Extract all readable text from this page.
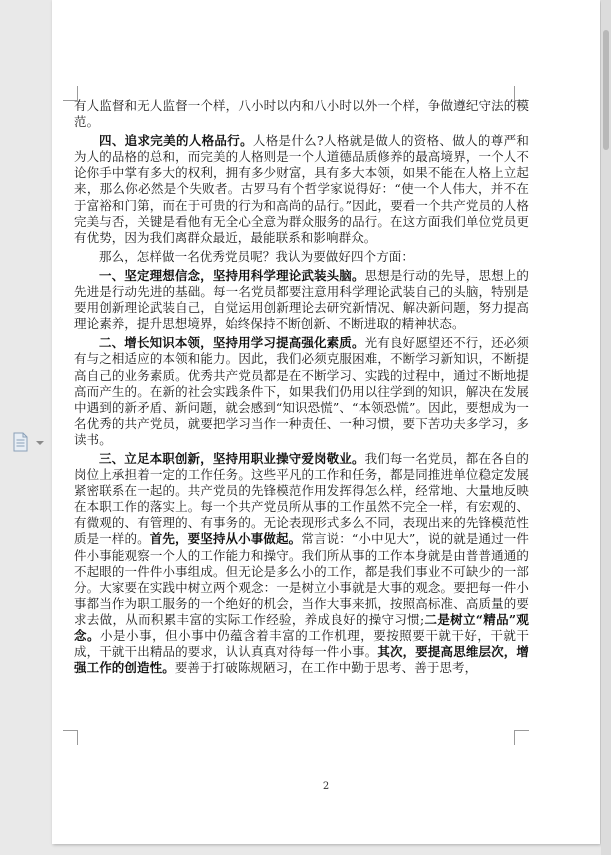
有人监督和无人监督一个样，八小时以内和八小时以外一个样，争做遵纪守法的模范。

四、追求完美的人格品行。人格是什么?人格就是做人的资格、做人的尊严和为人的品格的总和，而完美的人格则是一个人道德品质修养的最高境界，一个人不论你手中掌有多大的权利，拥有多少财富，具有多大本领，如果不能在人格上立起来，那么你必然是个失败者。古罗马有个哲学家说得好：“使一个人伟大，并不在于富裕和门第，而在于可贵的行为和高尚的品行。”因此，要看一个共产党员的人格完美与否，关键是看他有无全心全意为群众服务的品行。在这方面我们单位党员更有优势，因为我们离群众最近，最能联系和影响群众。

那么，怎样做一名优秀党员呢？我认为要做好四个方面：

一、坚定理想信念，坚持用科学理论武装头脑。思想是行动的先导，思想上的先进是行动先进的基础。每一名党员都要注意用科学理论武装自己的头脑，特别是要用创新理论武装自己，自觉运用创新理论去研究新情况、解决新问题，努力提高理论素养，提升思想境界，始终保持不断创新、不断进取的精神状态。

二、增长知识本领，坚持用学习提高强化素质。光有良好愿望还不行，还必须有与之相适应的本领和能力。因此，我们必须克服困难，不断学习新知识，不断提高自己的业务素质。优秀共产党员都是在不断学习、实践的过程中，通过不断地提高而产生的。在新的社会实践条件下，如果我们仍用以往学到的知识，解决在发展中遇到的新矛盾、新问题，就会感到“知识恐慌”、“本领恐慌”。因此，要想成为一名优秀的共产党员，就要把学习当作一种责任、一种习惯，要下苦功夫多学习，多读书。

三、立足本职创新，坚持用职业操守爱岗敬业。我们每一名党员，都在各自的岗位上承担着一定的工作任务。这些平凡的工作和任务，都是同推进单位稳定发展紧密联系在一起的。共产党员的先锋模范作用发挥得怎么样，经常地、大量地反映在本职工作的落实上。每一个共产党员所从事的工作虽然不完全一样，有宏观的、有微观的、有管理的、有事务的。无论表现形式多么不同，表现出来的先锋模范性质是一样的。首先，要坚持从小事做起。常言说：“小中见大”，说的就是通过一件件小事能观察一个人的工作能力和操守。我们所从事的工作本身就是由普普通通的不起眼的一件件小事组成。但无论是多么小的工作，都是我们事业不可缺少的一部分。大家要在实践中树立两个观念：一是树立小事就是大事的观念。要把每一件小事都当作为职工服务的一个绝好的机会，当作大事来抓，按照高标准、高质量的要求去做，从而积累丰富的实际工作经验，养成良好的操守习惯;二是树立“精品”观念。小是小事，但小事中仍蕴含着丰富的工作机理，要按照要干就干好，干就干成，干就干出精品的要求，认认真真对待每一件小事。其次，要提高思维层次，增强工作的创造性。要善于打破陈规陋习，在工作中勤于思考、善于思考，

2
